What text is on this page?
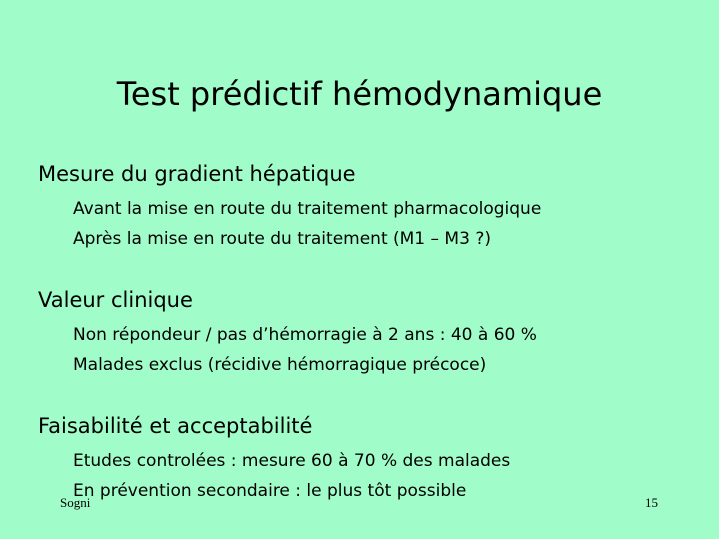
Test prédictif hémodynamique

Mesure du gradient hépatique

Avant la mise en route du traitement pharmacologique
Après la mise en route du traitement (M1 – M3 ?)

Valeur clinique

Non répondeur / pas d’hémorragie à 2 ans : 40 à 60 %
Malades exclus (récidive hémorragique précoce)

Faisabilité et acceptabilité

Etudes controlées : mesure 60 à 70 % des malades
En prévention secondaire : le plus tôt possible
Sogni	15
